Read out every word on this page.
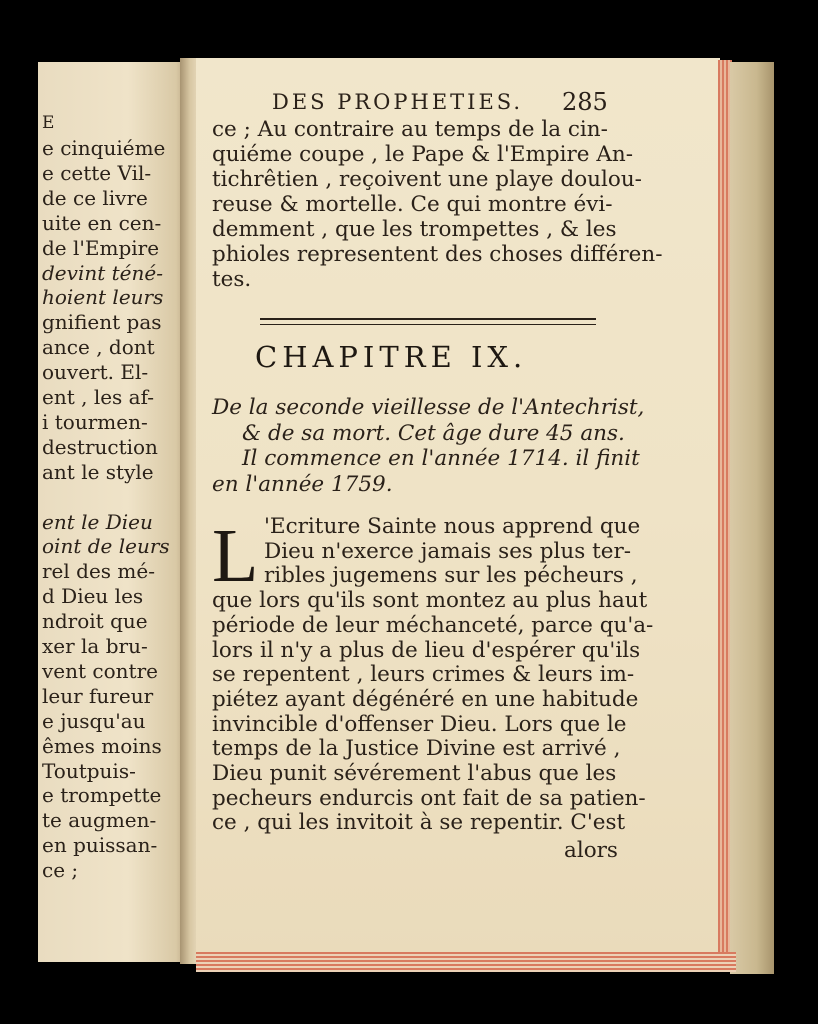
E
e cinquiéme
e cette Vil-
de ce livre
uite en cen-
de l'Empire
devint téné-
hoient leurs
gnifient pas
ance , dont
ouvert. El-
ent , les af-
i tourmen-
destruction
ant le style
ent le Dieu
oint de leurs
rel des mé-
d Dieu les
ndroit que
xer la bru-
vent contre
leur fureur
e jusqu'au
êmes moins
Toutpuis-
e trompette
te augmen-
en puissan-
ce ;
DES PROPHETIES. 285
ce ; Au contraire au temps de la cin-
quiéme coupe , le Pape & l'Empire An-
tichrêtien , reçoivent une playe doulou-
reuse & mortelle. Ce qui montre évi-
demment , que les trompettes , & les
phioles representent des choses différen-
tes.
CHAPITRE IX.
De la seconde vieillesse de l'Antechrist,
& de sa mort. Cet âge dure 45 ans.
Il commence en l'année 1714. il finit
en l'année 1759.
L 'Ecriture Sainte nous apprend que
Dieu n'exerce jamais ses plus ter-
ribles jugemens sur les pécheurs ,
que lors qu'ils sont montez au plus haut
période de leur méchanceté, parce qu'a-
lors il n'y a plus de lieu d'espérer qu'ils
se repentent , leurs crimes & leurs im-
piétez ayant dégénéré en une habitude
invincible d'offenser Dieu. Lors que le
temps de la Justice Divine est arrivé ,
Dieu punit sévérement l'abus que les
pecheurs endurcis ont fait de sa patien-
ce , qui les invitoit à se repentir. C'est
alors
